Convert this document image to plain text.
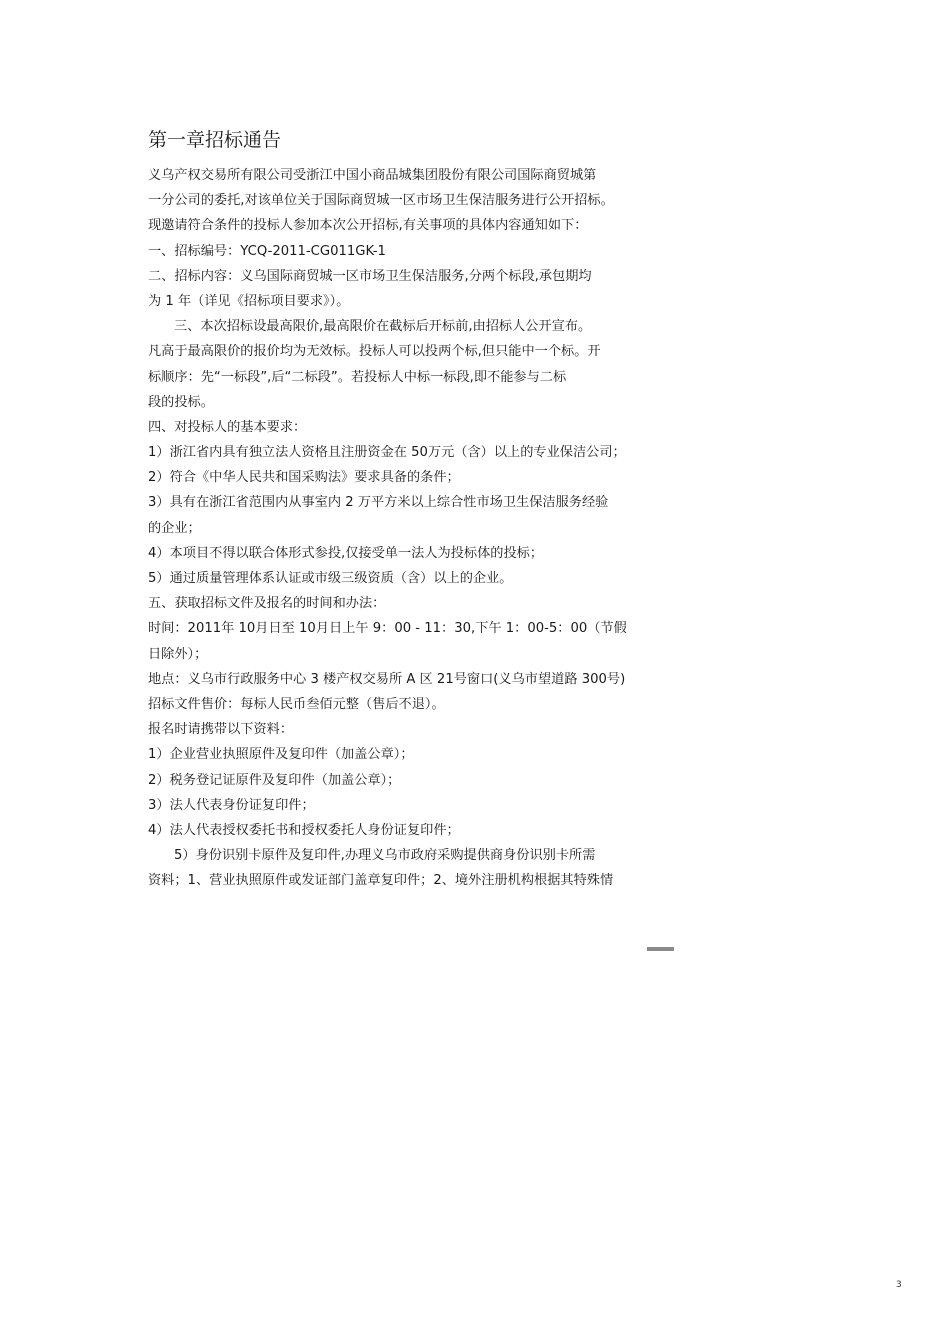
第一章招标通告
义乌产权交易所有限公司受浙江中国小商品城集团股份有限公司国际商贸城第
一分公司的委托,对该单位关于国际商贸城一区市场卫生保洁服务进行公开招标。
现邀请符合条件的投标人参加本次公开招标,有关事项的具体内容通知如下：
一、招标编号：YCQ-2011-CG011GK-1
二、招标内容：义乌国际商贸城一区市场卫生保洁服务,分两个标段,承包期均
为 1 年（详见《招标项目要求》）。
三、本次招标设最高限价,最高限价在截标后开标前,由招标人公开宣布。
凡高于最高限价的报价均为无效标。投标人可以投两个标,但只能中一个标。开
标顺序：先“一标段”,后“二标段”。若投标人中标一标段,即不能参与二标
段的投标。
四、对投标人的基本要求：
1）浙江省内具有独立法人资格且注册资金在 50万元（含）以上的专业保洁公司；
2）符合《中华人民共和国采购法》要求具备的条件；
3）具有在浙江省范围内从事室内 2 万平方米以上综合性市场卫生保洁服务经验
的企业；
4）本项目不得以联合体形式参投,仅接受单一法人为投标体的投标；
5）通过质量管理体系认证或市级三级资质（含）以上的企业。
五、获取招标文件及报名的时间和办法：
时间：2011年 10月日至 10月日上午 9：00 - 11：30,下午 1：00-5：00（节假
日除外）；
地点：义乌市行政服务中心 3 楼产权交易所 A 区 21号窗口(义乌市望道路 300号)
招标文件售价：每标人民币叁佰元整（售后不退）。
报名时请携带以下资料：
1）企业营业执照原件及复印件（加盖公章）；
2）税务登记证原件及复印件（加盖公章）；
3）法人代表身份证复印件；
4）法人代表授权委托书和授权委托人身份证复印件；
5）身份识别卡原件及复印件,办理义乌市政府采购提供商身份识别卡所需
资料；1、营业执照原件或发证部门盖章复印件；2、境外注册机构根据其特殊情
3
